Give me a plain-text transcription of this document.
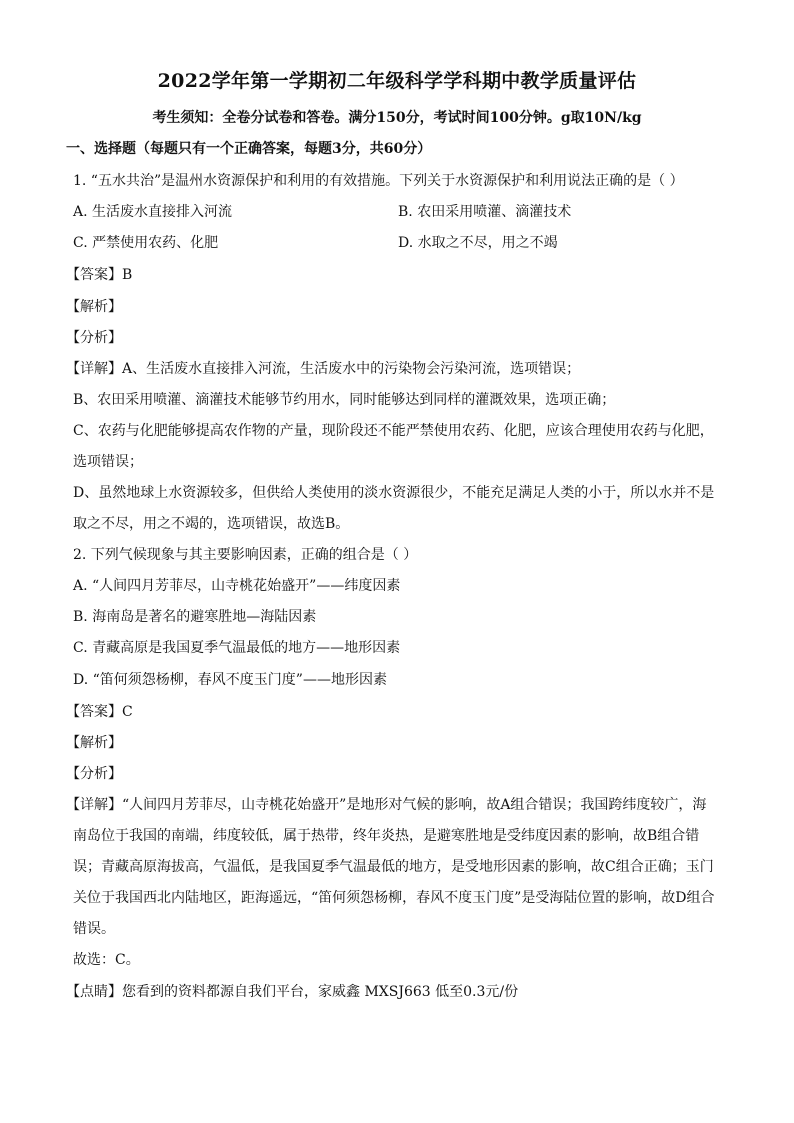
2022学年第一学期初二年级科学学科期中教学质量评估
考生须知：全卷分试卷和答卷。满分150分，考试时间100分钟。g取10N/kg
一、选择题（每题只有一个正确答案，每题3分，共60分）
1. “五水共治”是温州水资源保护和利用的有效措施。下列关于水资源保护和利用说法正确的是（ ）
A. 生活废水直接排入河流	B. 农田采用喷灌、滴灌技术
C. 严禁使用农药、化肥	D. 水取之不尽，用之不竭
【答案】B
【解析】
【分析】
【详解】A、生活废水直接排入河流，生活废水中的污染物会污染河流，选项错误；
B、农田采用喷灌、滴灌技术能够节约用水，同时能够达到同样的灌溉效果，选项正确；
C、农药与化肥能够提高农作物的产量，现阶段还不能严禁使用农药、化肥，应该合理使用农药与化肥，
选项错误；
D、虽然地球上水资源较多，但供给人类使用的淡水资源很少，不能充足满足人类的小于，所以水并不是
取之不尽，用之不竭的，选项错误，故选B。
2. 下列气候现象与其主要影响因素，正确的组合是（ ）
A. “人间四月芳菲尽，山寺桃花始盛开”——纬度因素
B. 海南岛是著名的避寒胜地—海陆因素
C. 青藏高原是我国夏季气温最低的地方——地形因素
D. “笛何须怨杨柳，春风不度玉门度”——地形因素
【答案】C
【解析】
【分析】
【详解】“人间四月芳菲尽，山寺桃花始盛开”是地形对气候的影响，故A组合错误；我国跨纬度较广，海
南岛位于我国的南端，纬度较低，属于热带，终年炎热，是避寒胜地是受纬度因素的影响，故B组合错
误；青藏高原海拔高，气温低，是我国夏季气温最低的地方，是受地形因素的影响，故C组合正确；玉门
关位于我国西北内陆地区，距海遥远，“笛何须怨杨柳，春风不度玉门度”是受海陆位置的影响，故D组合
错误。
故选：C。
【点睛】您看到的资料都源自我们平台，家威鑫 MXSJ663 低至0.3元/份
